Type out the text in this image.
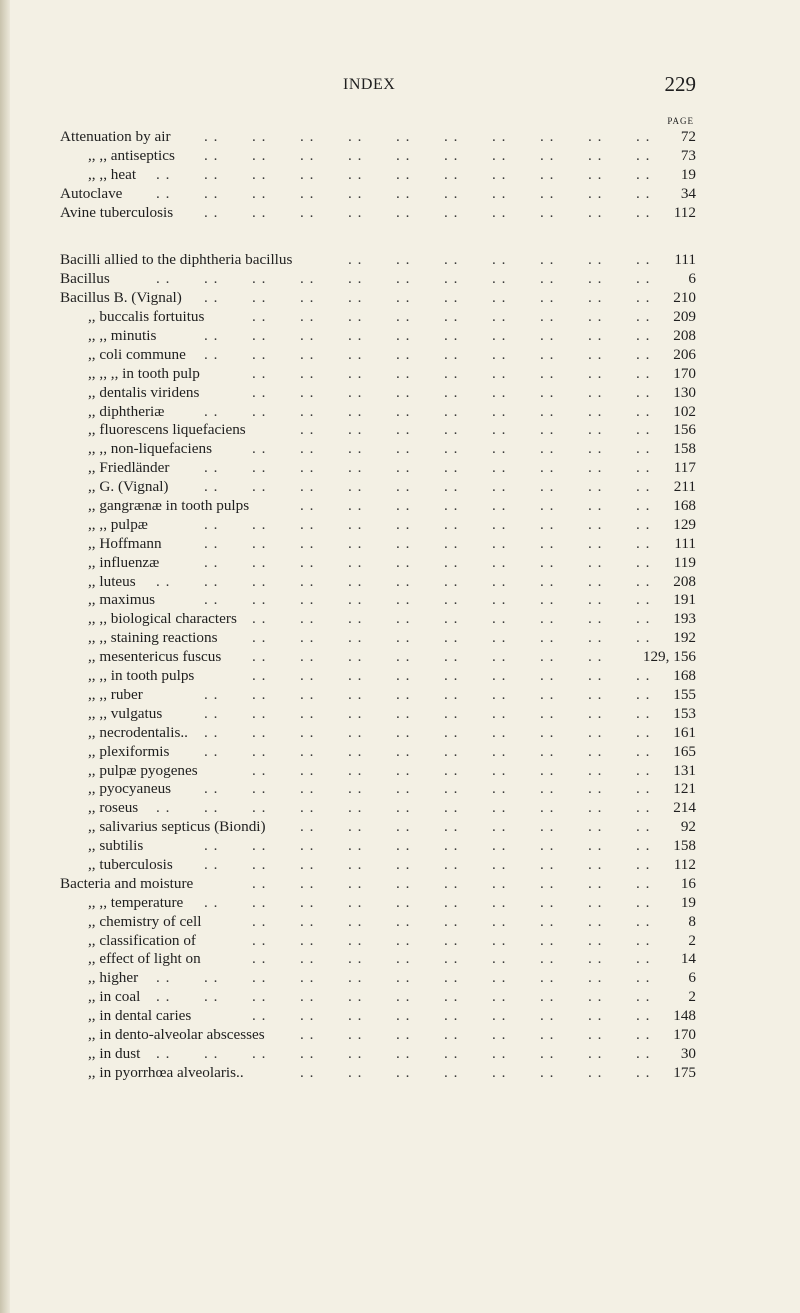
INDEX	229
PAGE
Attenuation by air . . . . . . . . . . . . . . . . . . . . 72
,, ,, antiseptics . . . . . . . . . . . . . . . . . . . . 73
,, ,, heat . . . . . . . . . . . . . . . . . . . . . . 19
Autoclave . . . . . . . . . . . . . . . . . . . . . . 34
Avine tuberculosis . . . . . . . . . . . . . . . . . . . . 112
Bacilli allied to the diphtheria bacillus	. . . . . . . . . . . . . . 111
Bacillus	. . . . . . . . . . . . . . . . . . . . . .	6
Bacillus B. (Vignal) . . . . . . . . . . . . . . . . . . . . 210
,, buccalis fortuitus	. . . . . . . . . . . . . . . . . . 209
,, ,, minutis	. . . . . . . . . . . . . . . . . . . . 208
,, coli commune . . . . . . . . . . . . . . . . . . . . 206
,, ,, ,, in tooth pulp	. . . . . . . . . . . . . . . . . . 170
,, dentalis viridens	. . . . . . . . . . . . . . . . . . 130
,, diphtheriæ	. . . . . . . . . . . . . . . . . . . . 102
,, fluorescens liquefaciens	. . . . . . . . . . . . . . . . 156
,, ,, non-liquefaciens	. . . . . . . . . . . . . . . . . . 158
,, Friedländer . . . . . . . . . . . . . . . . . . . . 117
,, G. (Vignal) . . . . . . . . . . . . . . . . . . . . 211
,, gangrænæ in tooth pulps	. . . . . . . . . . . . . . . . 168
,, ,, pulpæ	. . . . . . . . . . . . . . . . . . . . 129
,, Hoffmann	. . . . . . . . . . . . . . . . . . . . 111
,, influenzæ	. . . . . . . . . . . . . . . . . . . . 119
,, luteus . . . . . . . . . . . . . . . . . . . . . . 208
,, maximus	. . . . . . . . . . . . . . . . . . . . 191
,, ,, biological characters . . . . . . . . . . . . . . . . . . 193
,, ,, staining reactions . . . . . . . . . . . . . . . . . . 192
,, mesentericus fuscus . . . . . . . . . . . . . . . .	129, 156
,, ,, in tooth pulps	. . . . . . . . . . . . . . . . . . 168
,, ,, ruber	. . . . . . . . . . . . . . . . . . . . 155
,, ,, vulgatus	. . . . . . . . . . . . . . . . . . . . 153
,, necrodentalis.. . . . . . . . . . . . . . . . . . . . . 161
,, plexiformis . . . . . . . . . . . . . . . . . . . . 165
,, pulpæ pyogenes	. . . . . . . . . . . . . . . . . . 131
,, pyocyaneus . . . . . . . . . . . . . . . . . . . . 121
,, roseus . . . . . . . . . . . . . . . . . . . . . . 214
,, salivarius septicus (Biondi) . . . . . . . . . . . . . . . . 92
,, subtilis	. . . . . . . . . . . . . . . . . . . . 158
,, tuberculosis . . . . . . . . . . . . . . . . . . . . 112
Bacteria and moisture	. . . . . . . . . . . . . . . . . . 16
,, ,, temperature . . . . . . . . . . . . . . . . . . . . 19
,, chemistry of cell	. . . . . . . . . . . . . . . . . .	8
,, classification of	. . . . . . . . . . . . . . . . . .	2
,, effect of light on	. . . . . . . . . . . . . . . . . . 14
,, higher . . . . . . . . . . . . . . . . . . . . . .	6
,, in coal . . . . . . . . . . . . . . . . . . . . . .	2
,, in dental caries	. . . . . . . . . . . . . . . . . . 148
,, in dento-alveolar abscesses . . . . . . . . . . . . . . . . 170
,, in dust . . . . . . . . . . . . . . . . . . . . . . 30
,, in pyorrhœa alveolaris..	. . . . . . . . . . . . . . . . 175
